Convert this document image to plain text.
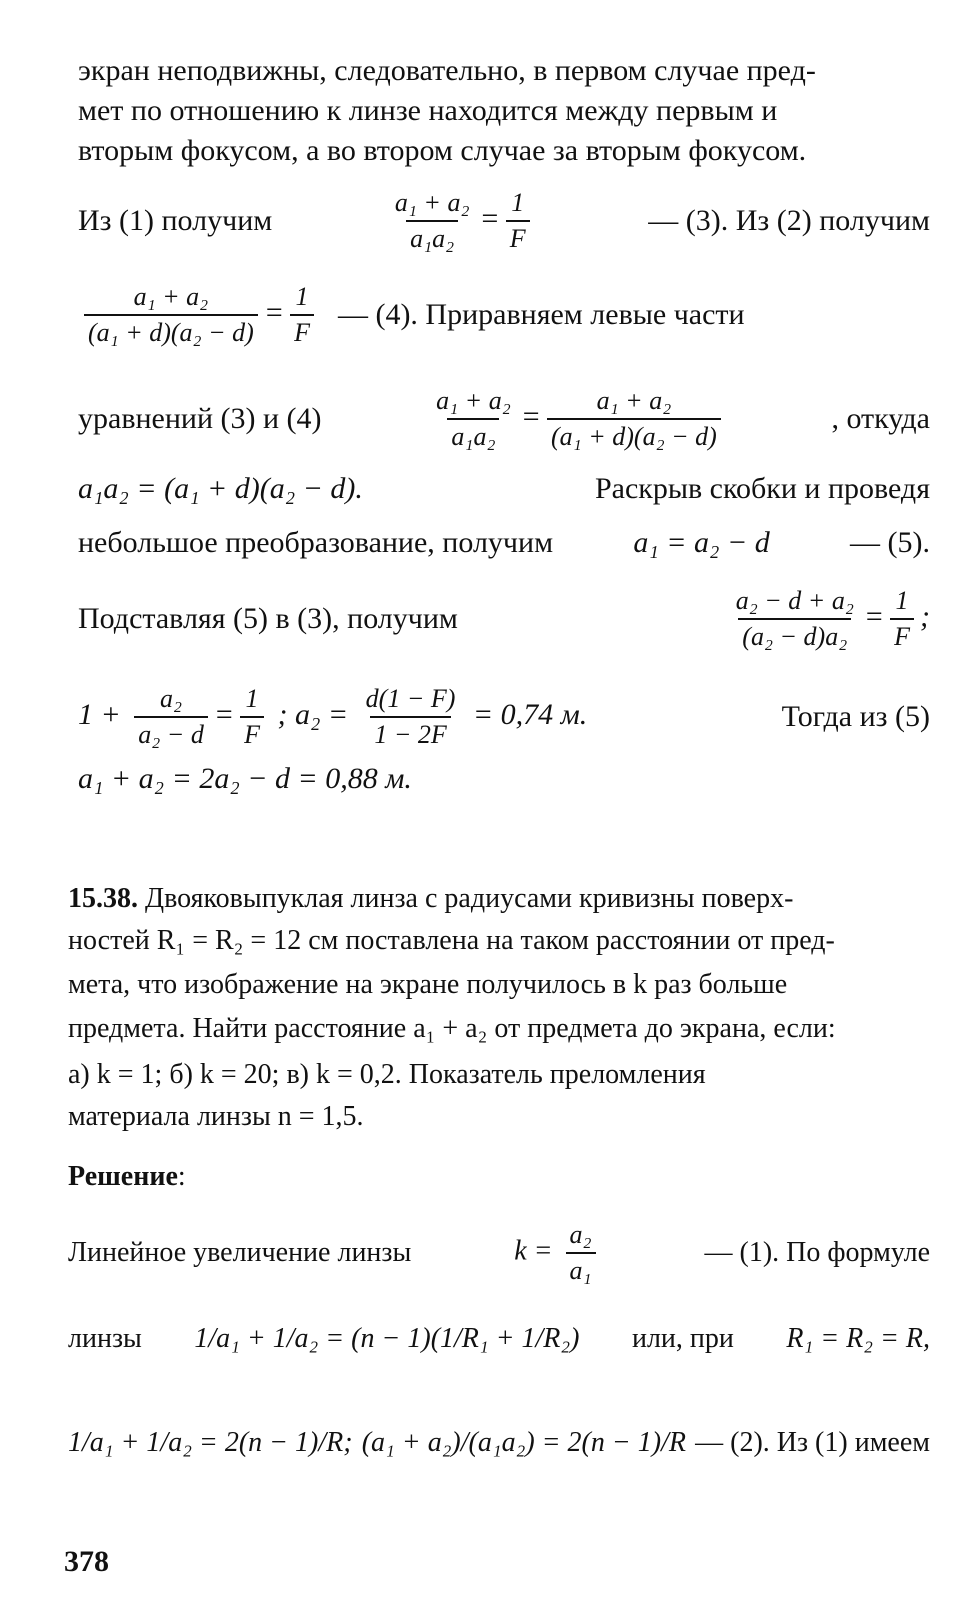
экран неподвижны, следовательно, в первом случае пред-
мет по отношению к линзе находится между первым и
вторым фокусом, а во втором случае за вторым фокусом.
Из (1) получим	$\frac{\text{a₁ + a₂}}{\text{a₁a₂}} = \frac{1}{F}$	— (3). Из (2) получим
$\frac{\text{a₁ + a₂}}{\text{(a₁ + d)(a₂ − d)}} = \frac{1}{F}$ — (4). Приравняем левые части
уравнений (3) и (4)	$\frac{\text{a₁ + a₂}}{\text{a₁a₂}} = \frac{\text{a₁ + a₂}}{\text{(a₁ + d)(a₂ − d)}}$	, откуда
a₁a₂ = (a₁ + d)(a₂ − d).	Раскрыв скобки и проведя
небольшое преобразование, получим	a₁ = a₂ − d	— (5).
Подставляя (5) в (3), получим	$\frac{\text{a₂ − d + a₂}}{\text{(a₂ − d)a₂}} = \frac{1}{F}$ ;
$1 + \frac{\text{a₂}}{\text{a₂ − d}} = \frac{1}{F}$ ; $a_2 = \frac{d(1 - F)}{1 - 2F} = 0,74$ м.	Тогда из (5)
a₁ + a₂ = 2a₂ − d = 0,88 м.
15.38. Двояковыпуклая линза с радиусами кривизны поверх-
ностей R₁ = R₂ = 12 см поставлена на таком расстоянии от пред-
мета, что изображение на экране получилось в k раз больше
предмета. Найти расстояние a₁ + a₂ от предмета до экрана, если:
а) k = 1; б) k = 20; в) k = 0,2. Показатель преломления
материала линзы n = 1,5.
Решение :
Линейное увеличение линзы	$k = \frac{\text{a₂}}{\text{a₁}}$	— (1). По формуле
линзы 1/a₁ + 1/a₂ = (n − 1)(1/R₁ + 1/R₂) или, при R₁ = R₂ = R,
1/a₁ + 1/a₂ = 2(n − 1)/R; (a₁ + a₂)/(a₁a₂) = 2(n − 1)/R — (2). Из (1) имеем
378
